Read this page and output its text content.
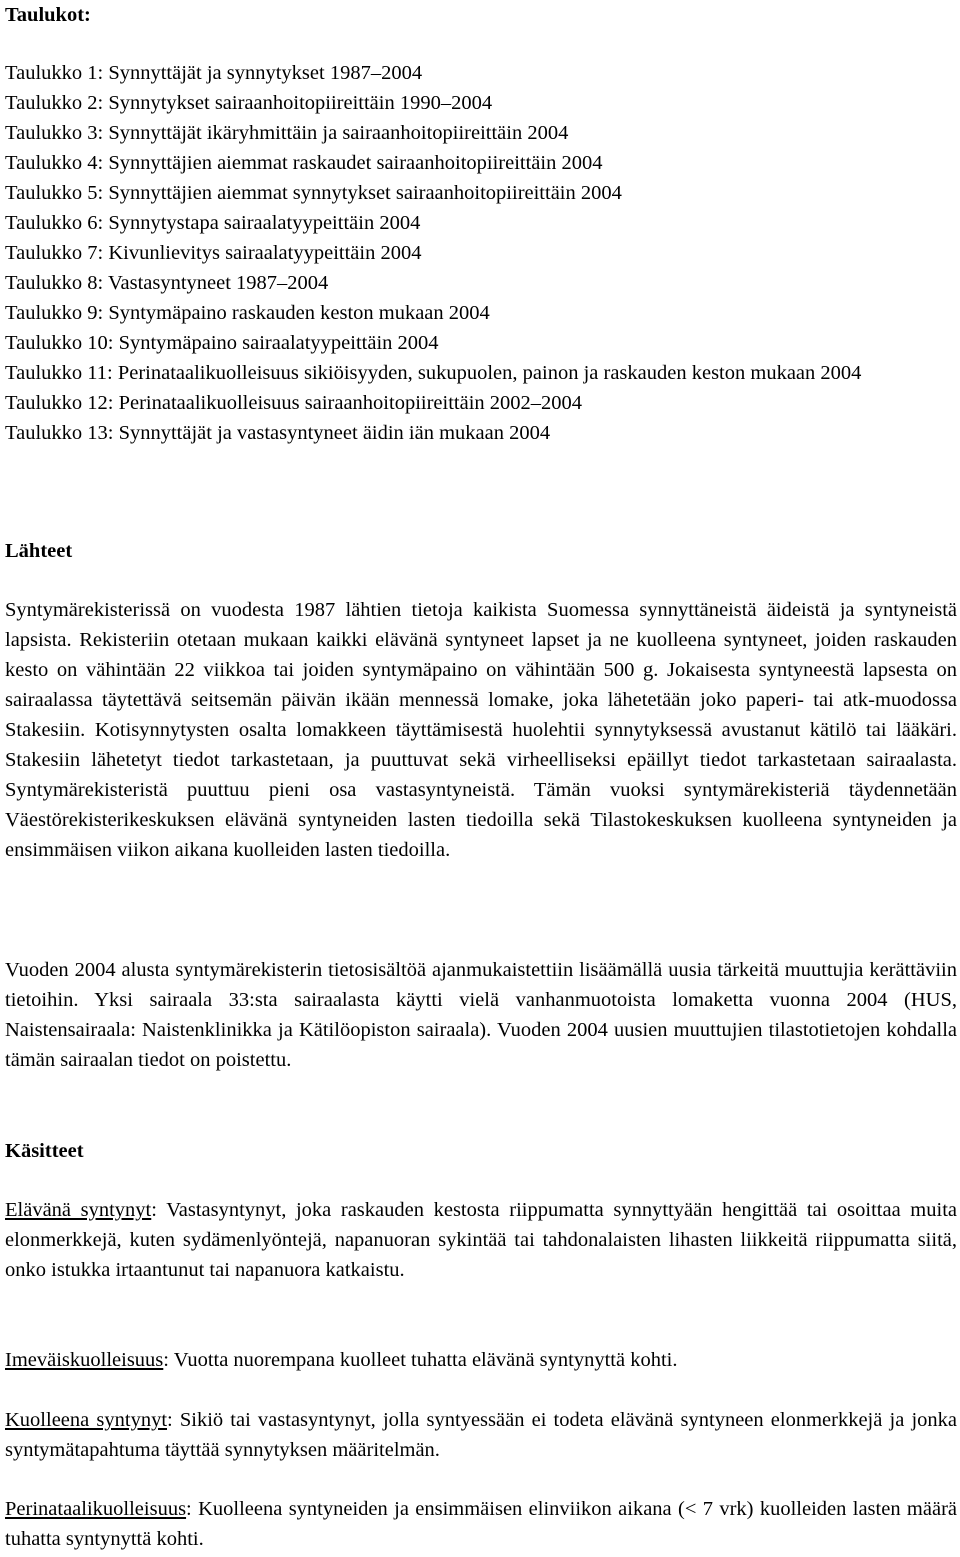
Taulukot:
Taulukko 1: Synnyttäjät ja synnytykset 1987–2004
Taulukko 2: Synnytykset sairaanhoitopiireittäin 1990–2004
Taulukko 3: Synnyttäjät ikäryhmittäin ja sairaanhoitopiireittäin 2004
Taulukko 4: Synnyttäjien aiemmat raskaudet sairaanhoitopiireittäin 2004
Taulukko 5: Synnyttäjien aiemmat synnytykset sairaanhoitopiireittäin 2004
Taulukko 6: Synnytystapa sairaalatyypeittäin 2004
Taulukko 7: Kivunlievitys sairaalatyypeittäin 2004
Taulukko 8: Vastasyntyneet 1987–2004
Taulukko 9: Syntymäpaino raskauden keston mukaan 2004
Taulukko 10: Syntymäpaino sairaalatyypeittäin 2004
Taulukko 11: Perinataalikuolleisuus sikiöisyyden, sukupuolen, painon ja raskauden keston mukaan 2004
Taulukko 12: Perinataalikuolleisuus sairaanhoitopiireittäin 2002–2004
Taulukko 13: Synnyttäjät ja vastasyntyneet äidin iän mukaan 2004
Lähteet

Syntymärekisterissä on vuodesta 1987 lähtien tietoja kaikista Suomessa synnyttäneistä äideistä ja syntyneistä lapsista. Rekisteriin otetaan mukaan kaikki elävänä syntyneet lapset ja ne kuolleena syntyneet, joiden raskauden kesto on vähintään 22 viikkoa tai joiden syntymäpaino on vähintään 500 g. Jokaisesta syntyneestä lapsesta on sairaalassa täytettävä seitsemän päivän ikään mennessä lomake, joka lähetetään joko paperi- tai atk-muodossa Stakesiin. Kotisynnytysten osalta lomakkeen täyttämisestä huolehtii synnytyksessä avustanut kätilö tai lääkäri. Stakesiin lähetetyt tiedot tarkastetaan, ja puuttuvat sekä virheelliseksi epäillyt tiedot tarkastetaan sairaalasta. Syntymärekisteristä puuttuu pieni osa vastasyntyneistä. Tämän vuoksi syntymärekisteriä täydennetään Väestörekisterikeskuksen elävänä syntyneiden lasten tiedoilla sekä Tilastokeskuksen kuolleena syntyneiden ja ensimmäisen viikon aikana kuolleiden lasten tiedoilla.

Vuoden 2004 alusta syntymärekisterin tietosisältöä ajanmukaistettiin lisäämällä uusia tärkeitä muuttujia kerättäviin tietoihin. Yksi sairaala 33:sta sairaalasta käytti vielä vanhanmuotoista lomaketta vuonna 2004 (HUS, Naistensairaala: Naistenklinikka ja Kätilöopiston sairaala). Vuoden 2004 uusien muuttujien tilastotietojen kohdalla tämän sairaalan tiedot on poistettu.

Käsitteet

Elävänä syntynyt: Vastasyntynyt, joka raskauden kestosta riippumatta synnyttyään hengittää tai osoittaa muita elonmerkkejä, kuten sydämenlyöntejä, napanuoran sykintää tai tahdonalaisten lihasten liikkeitä riippumatta siitä, onko istukka irtaantunut tai napanuora katkaistu.

Imeväiskuolleisuus: Vuotta nuorempana kuolleet tuhatta elävänä syntynyttä kohti.

Kuolleena syntynyt: Sikiö tai vastasyntynyt, jolla syntyessään ei todeta elävänä syntyneen elonmerkkejä ja jonka syntymätapahtuma täyttää synnytyksen määritelmän.

Perinataalikuolleisuus: Kuolleena syntyneiden ja ensimmäisen elinviikon aikana (< 7 vrk) kuolleiden lasten määrä tuhatta syntynyttä kohti.
